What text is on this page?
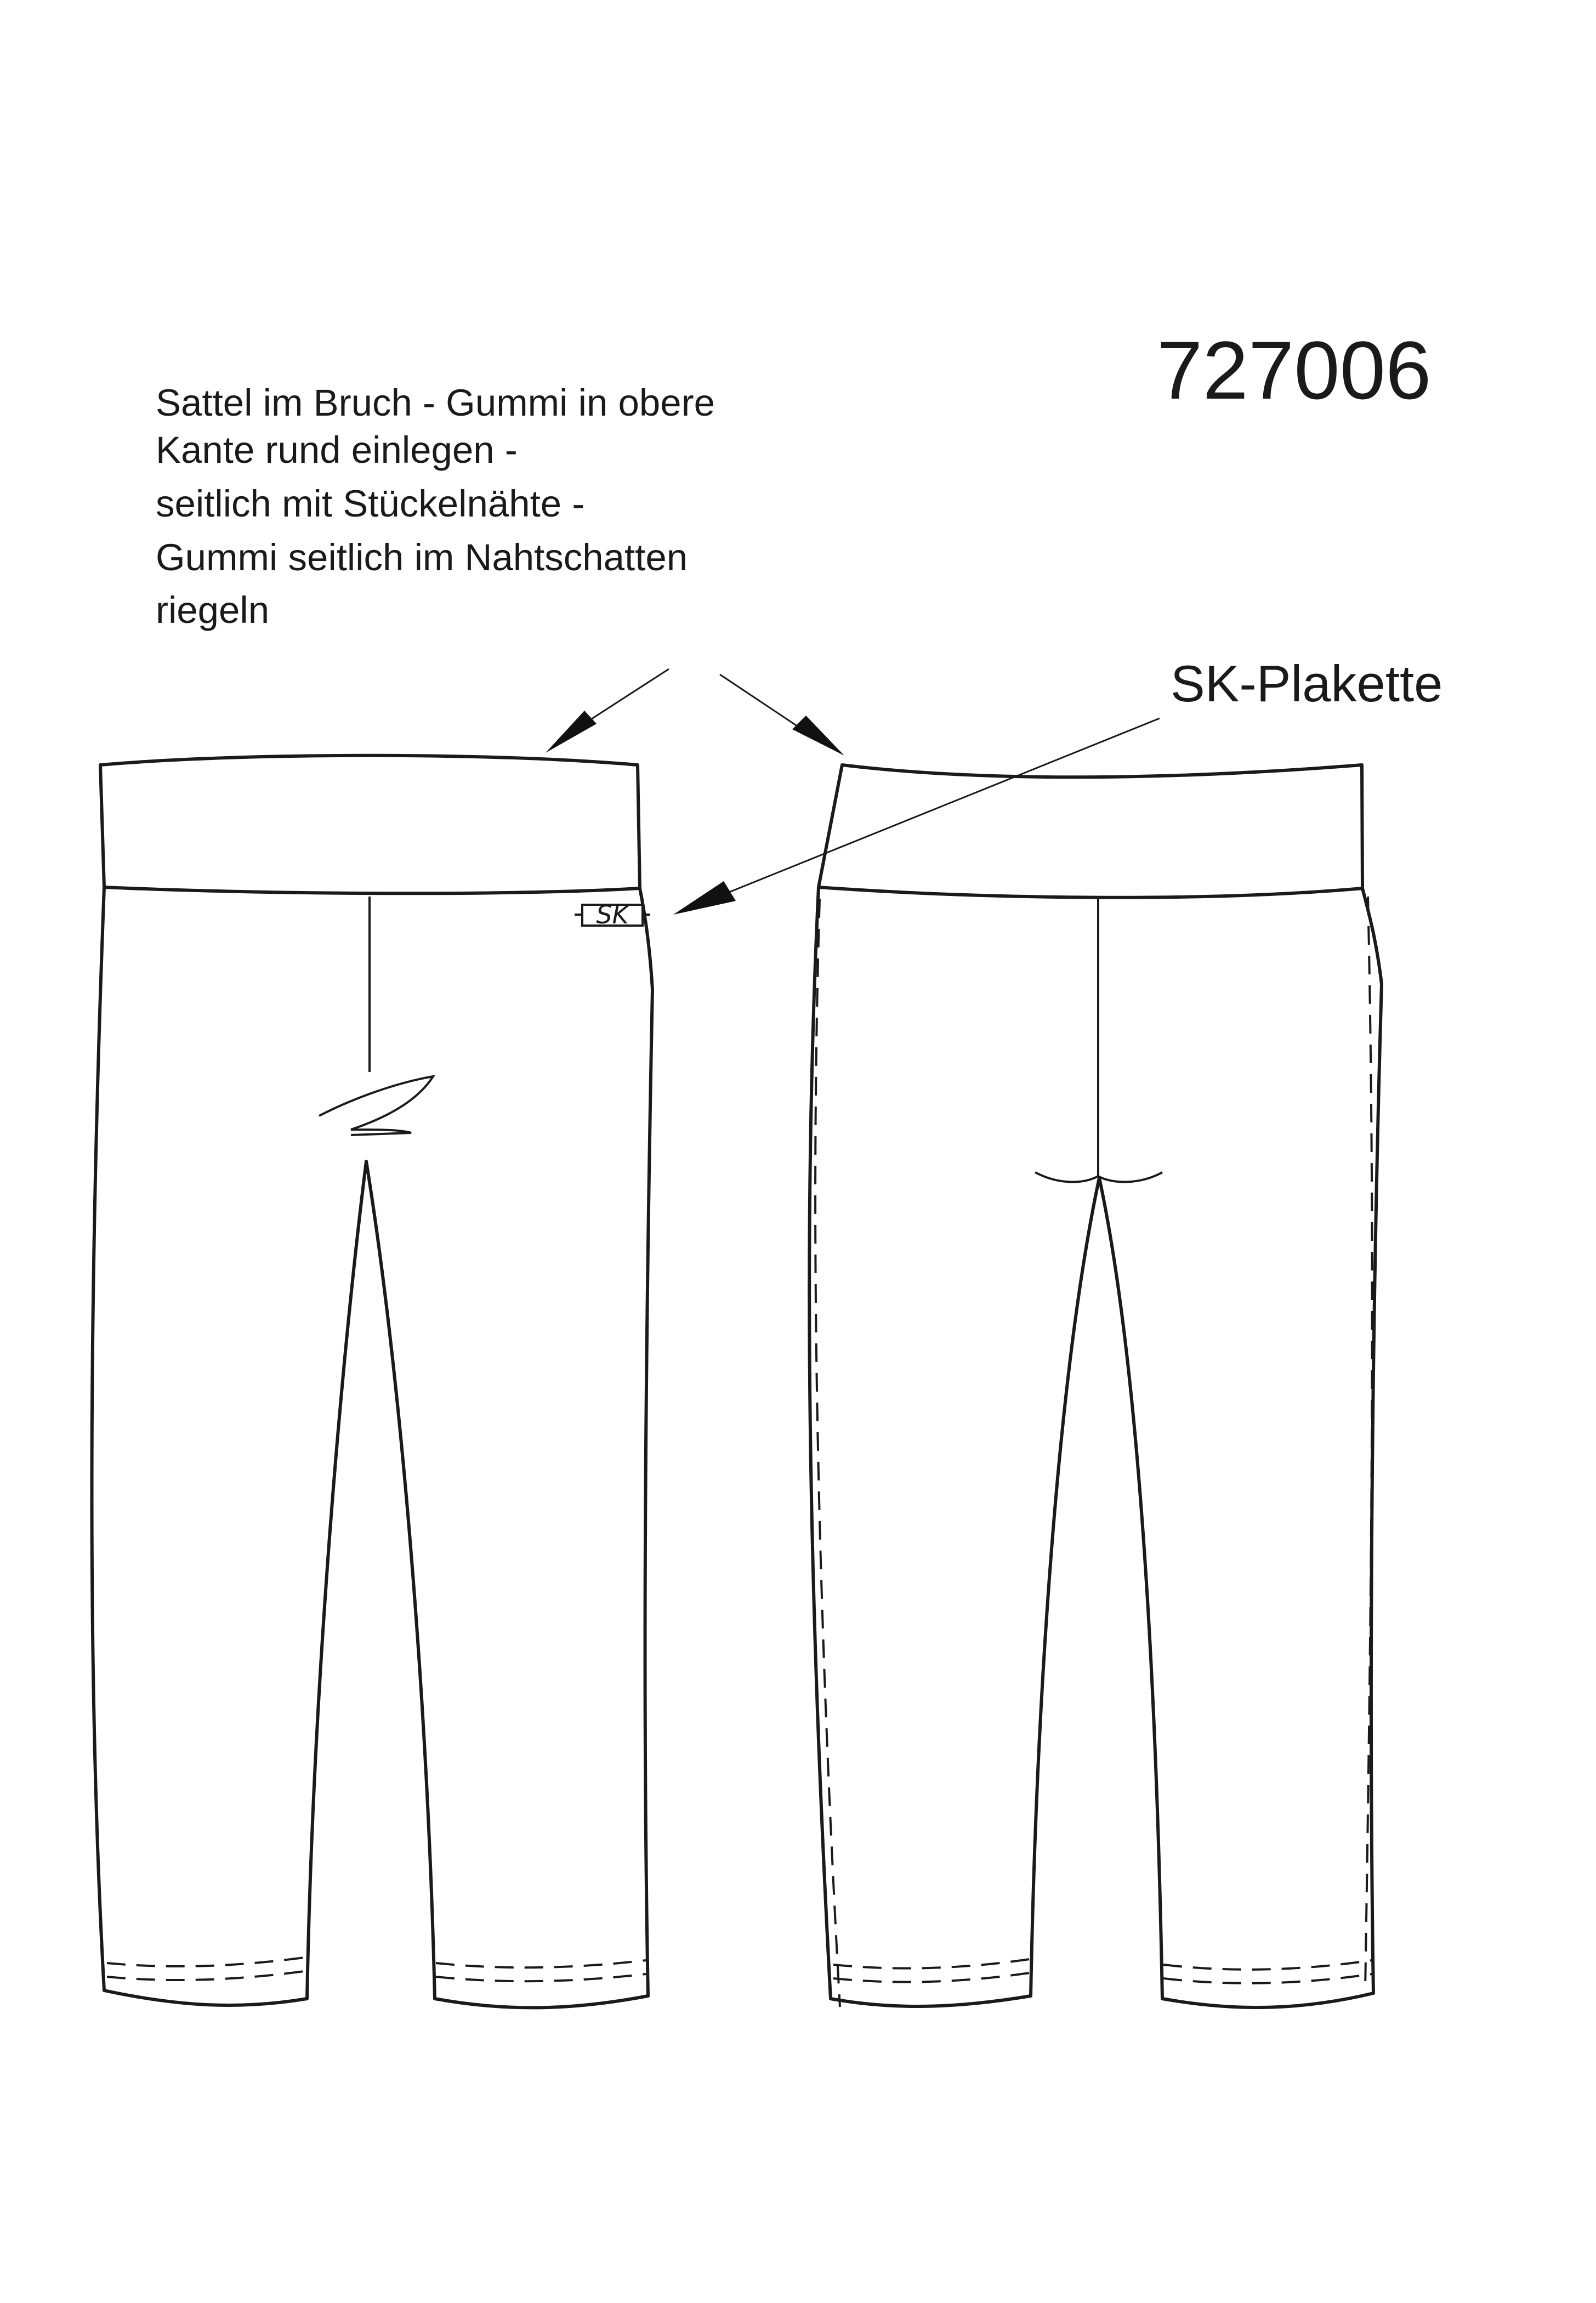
Sattel im Bruch - Gummi in obere
Kante rund einlegen -
seitlich mit Stückelnähte -
Gummi seitlich im Nahtschatten
riegeln
727006
SK-Plakette
SK
